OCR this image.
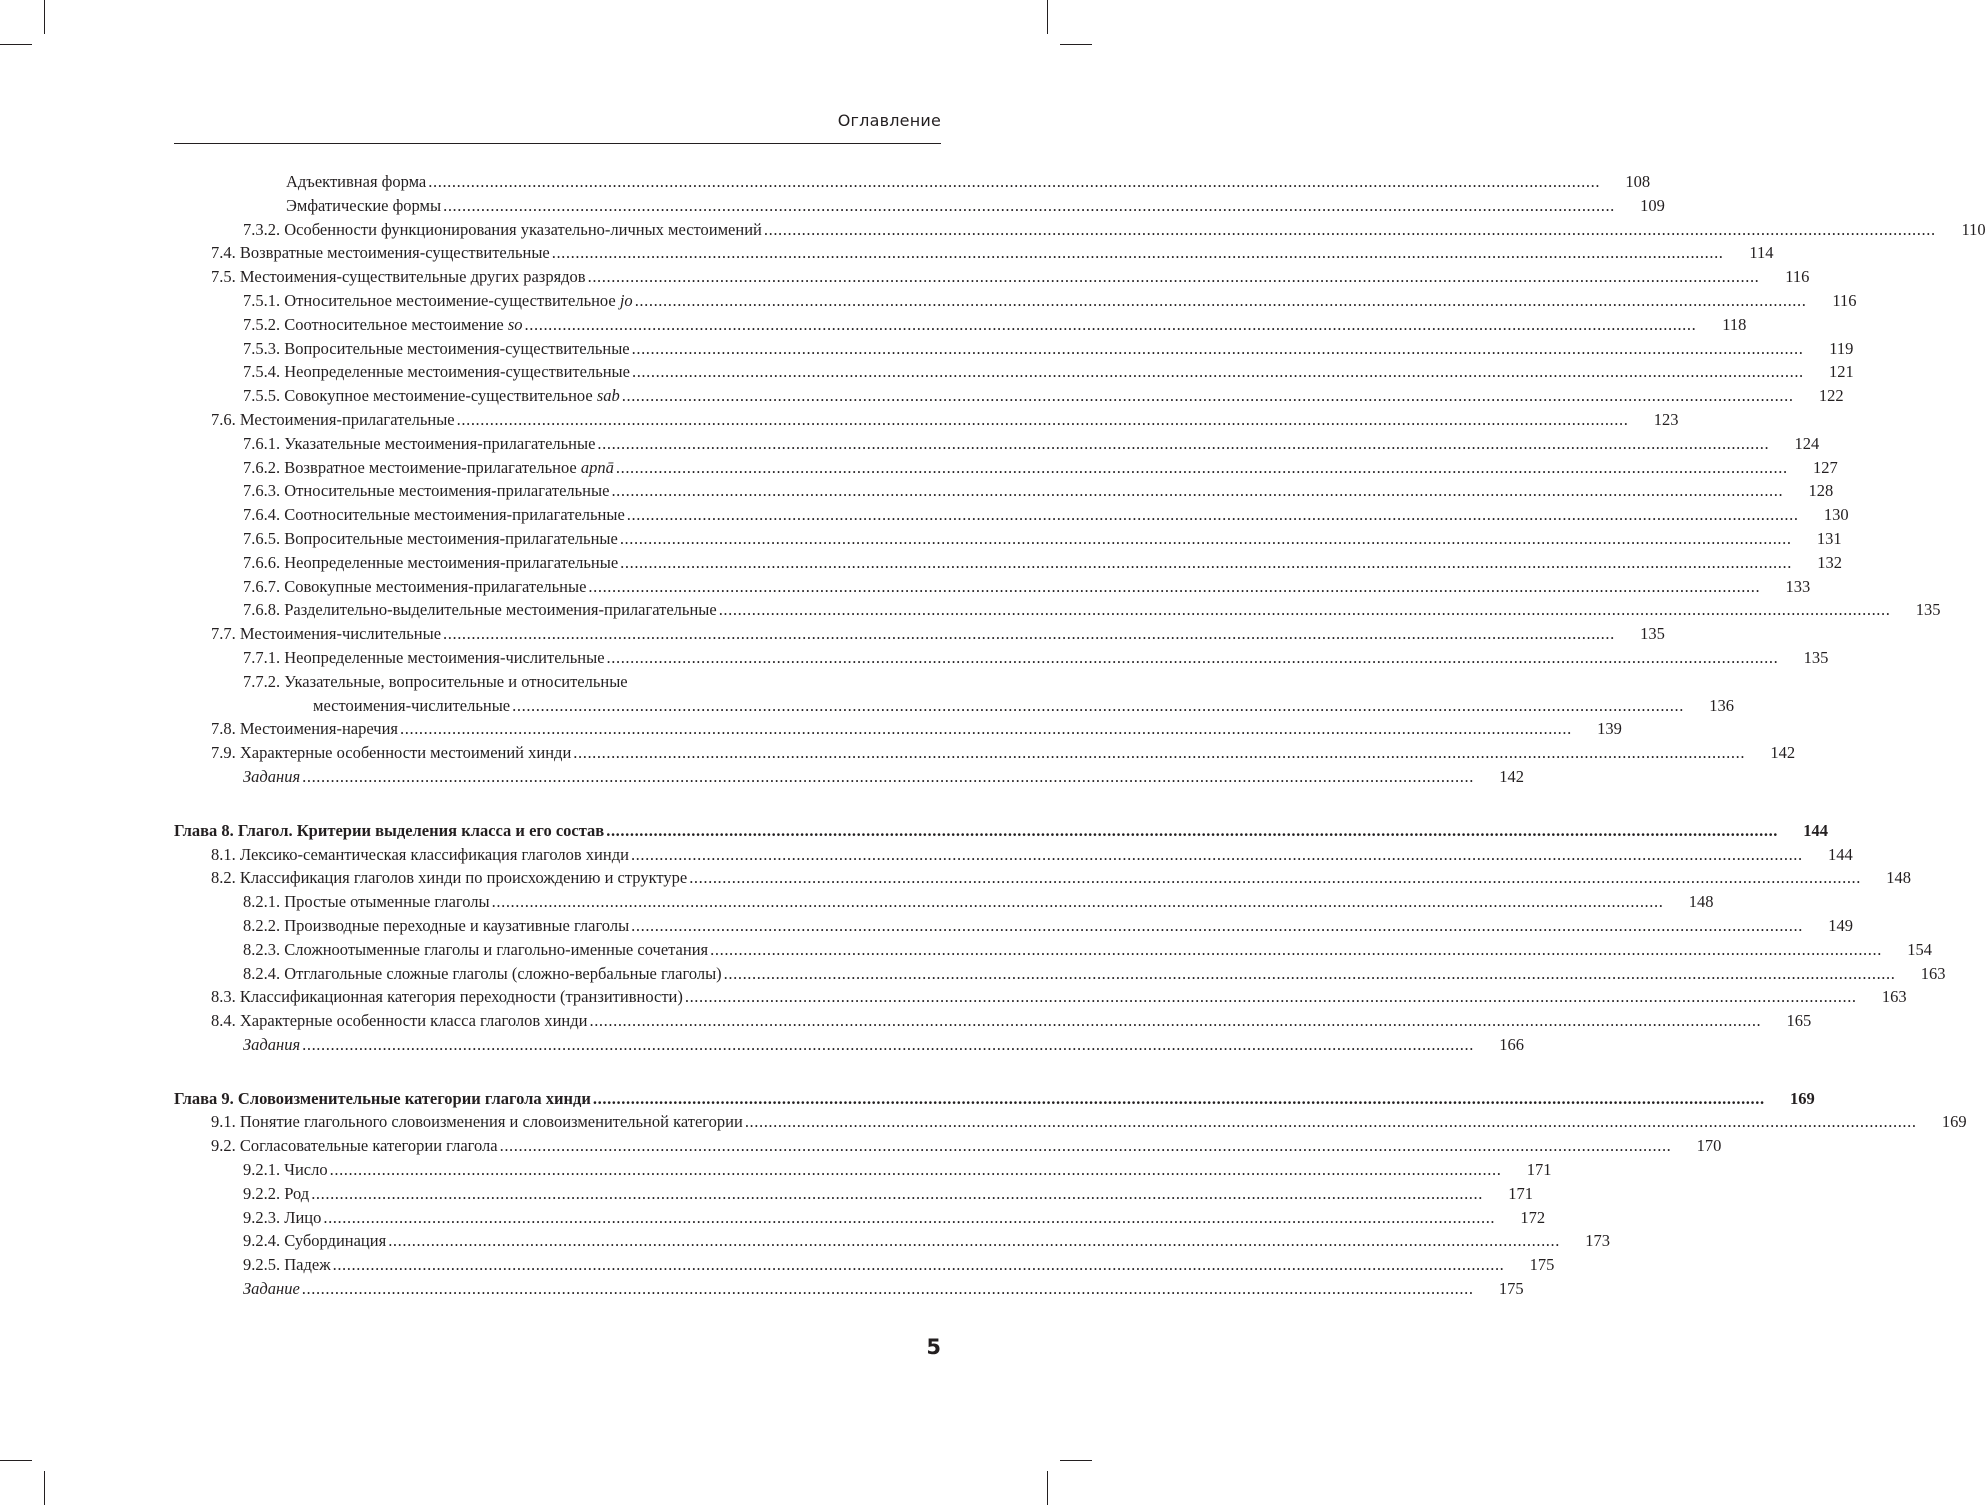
Оглавление
Адъективная форма ........................................................................................................................................................................................................................................................	108
Эмфатические формы ........................................................................................................................................................................................................................................................	109
7.3.2. Особенности функционирования указательно-личных местоимений ........................................................................................................................................................................................................................................................	110
7.4. Возвратные местоимения-существительные ........................................................................................................................................................................................................................................................	114
7.5. Местоимения-существительные других разрядов ........................................................................................................................................................................................................................................................	116
7.5.1. Относительное местоимение-существительное jo ........................................................................................................................................................................................................................................................	116
7.5.2. Соотносительное местоимение so ........................................................................................................................................................................................................................................................	118
7.5.3. Вопросительные местоимения-существительные ........................................................................................................................................................................................................................................................	119
7.5.4. Неопределенные местоимения-существительные ........................................................................................................................................................................................................................................................	121
7.5.5. Совокупное местоимение-существительное sab ........................................................................................................................................................................................................................................................	122
7.6. Местоимения-прилагательные ........................................................................................................................................................................................................................................................	123
7.6.1. Указательные местоимения-прилагательные ........................................................................................................................................................................................................................................................	124
7.6.2. Возвратное местоимение-прилагательное apnā ........................................................................................................................................................................................................................................................	127
7.6.3. Относительные местоимения-прилагательные ........................................................................................................................................................................................................................................................	128
7.6.4. Соотносительные местоимения-прилагательные ........................................................................................................................................................................................................................................................	130
7.6.5. Вопросительные местоимения-прилагательные ........................................................................................................................................................................................................................................................	131
7.6.6. Неопределенные местоимения-прилагательные ........................................................................................................................................................................................................................................................	132
7.6.7. Совокупные местоимения-прилагательные ........................................................................................................................................................................................................................................................	133
7.6.8. Разделительно-выделительные местоимения-прилагательные ........................................................................................................................................................................................................................................................	135
7.7. Местоимения-числительные ........................................................................................................................................................................................................................................................	135
7.7.1. Неопределенные местоимения-числительные ........................................................................................................................................................................................................................................................	135
7.7.2. Указательные, вопросительные и относительные
местоимения-числительные ........................................................................................................................................................................................................................................................	136
7.8. Местоимения-наречия ........................................................................................................................................................................................................................................................	139
7.9. Характерные особенности местоимений хинди ........................................................................................................................................................................................................................................................	142
Задания ........................................................................................................................................................................................................................................................	142
Глава 8. Глагол. Критерии выделения класса и его состав ........................................................................................................................................................................................................................................................	144
8.1. Лексико-семантическая классификация глаголов хинди ........................................................................................................................................................................................................................................................	144
8.2. Классификация глаголов хинди по происхождению и структуре ........................................................................................................................................................................................................................................................	148
8.2.1. Простые отыменные глаголы ........................................................................................................................................................................................................................................................	148
8.2.2. Производные переходные и каузативные глаголы ........................................................................................................................................................................................................................................................	149
8.2.3. Сложноотыменные глаголы и глагольно-именные сочетания ........................................................................................................................................................................................................................................................	154
8.2.4. Отглагольные сложные глаголы (сложно-вербальные глаголы) ........................................................................................................................................................................................................................................................	163
8.3. Классификационная категория переходности (транзитивности) ........................................................................................................................................................................................................................................................	163
8.4. Характерные особенности класса глаголов хинди ........................................................................................................................................................................................................................................................	165
Задания ........................................................................................................................................................................................................................................................	166
Глава 9. Словоизменительные категории глагола хинди ........................................................................................................................................................................................................................................................	169
9.1. Понятие глагольного словоизменения и словоизменительной категории ........................................................................................................................................................................................................................................................	169
9.2. Согласовательные категории глагола ........................................................................................................................................................................................................................................................	170
9.2.1. Число ........................................................................................................................................................................................................................................................	171
9.2.2. Род ........................................................................................................................................................................................................................................................	171
9.2.3. Лицо ........................................................................................................................................................................................................................................................	172
9.2.4. Субординация ........................................................................................................................................................................................................................................................	173
9.2.5. Падеж ........................................................................................................................................................................................................................................................	175
Задание ........................................................................................................................................................................................................................................................	175
5
